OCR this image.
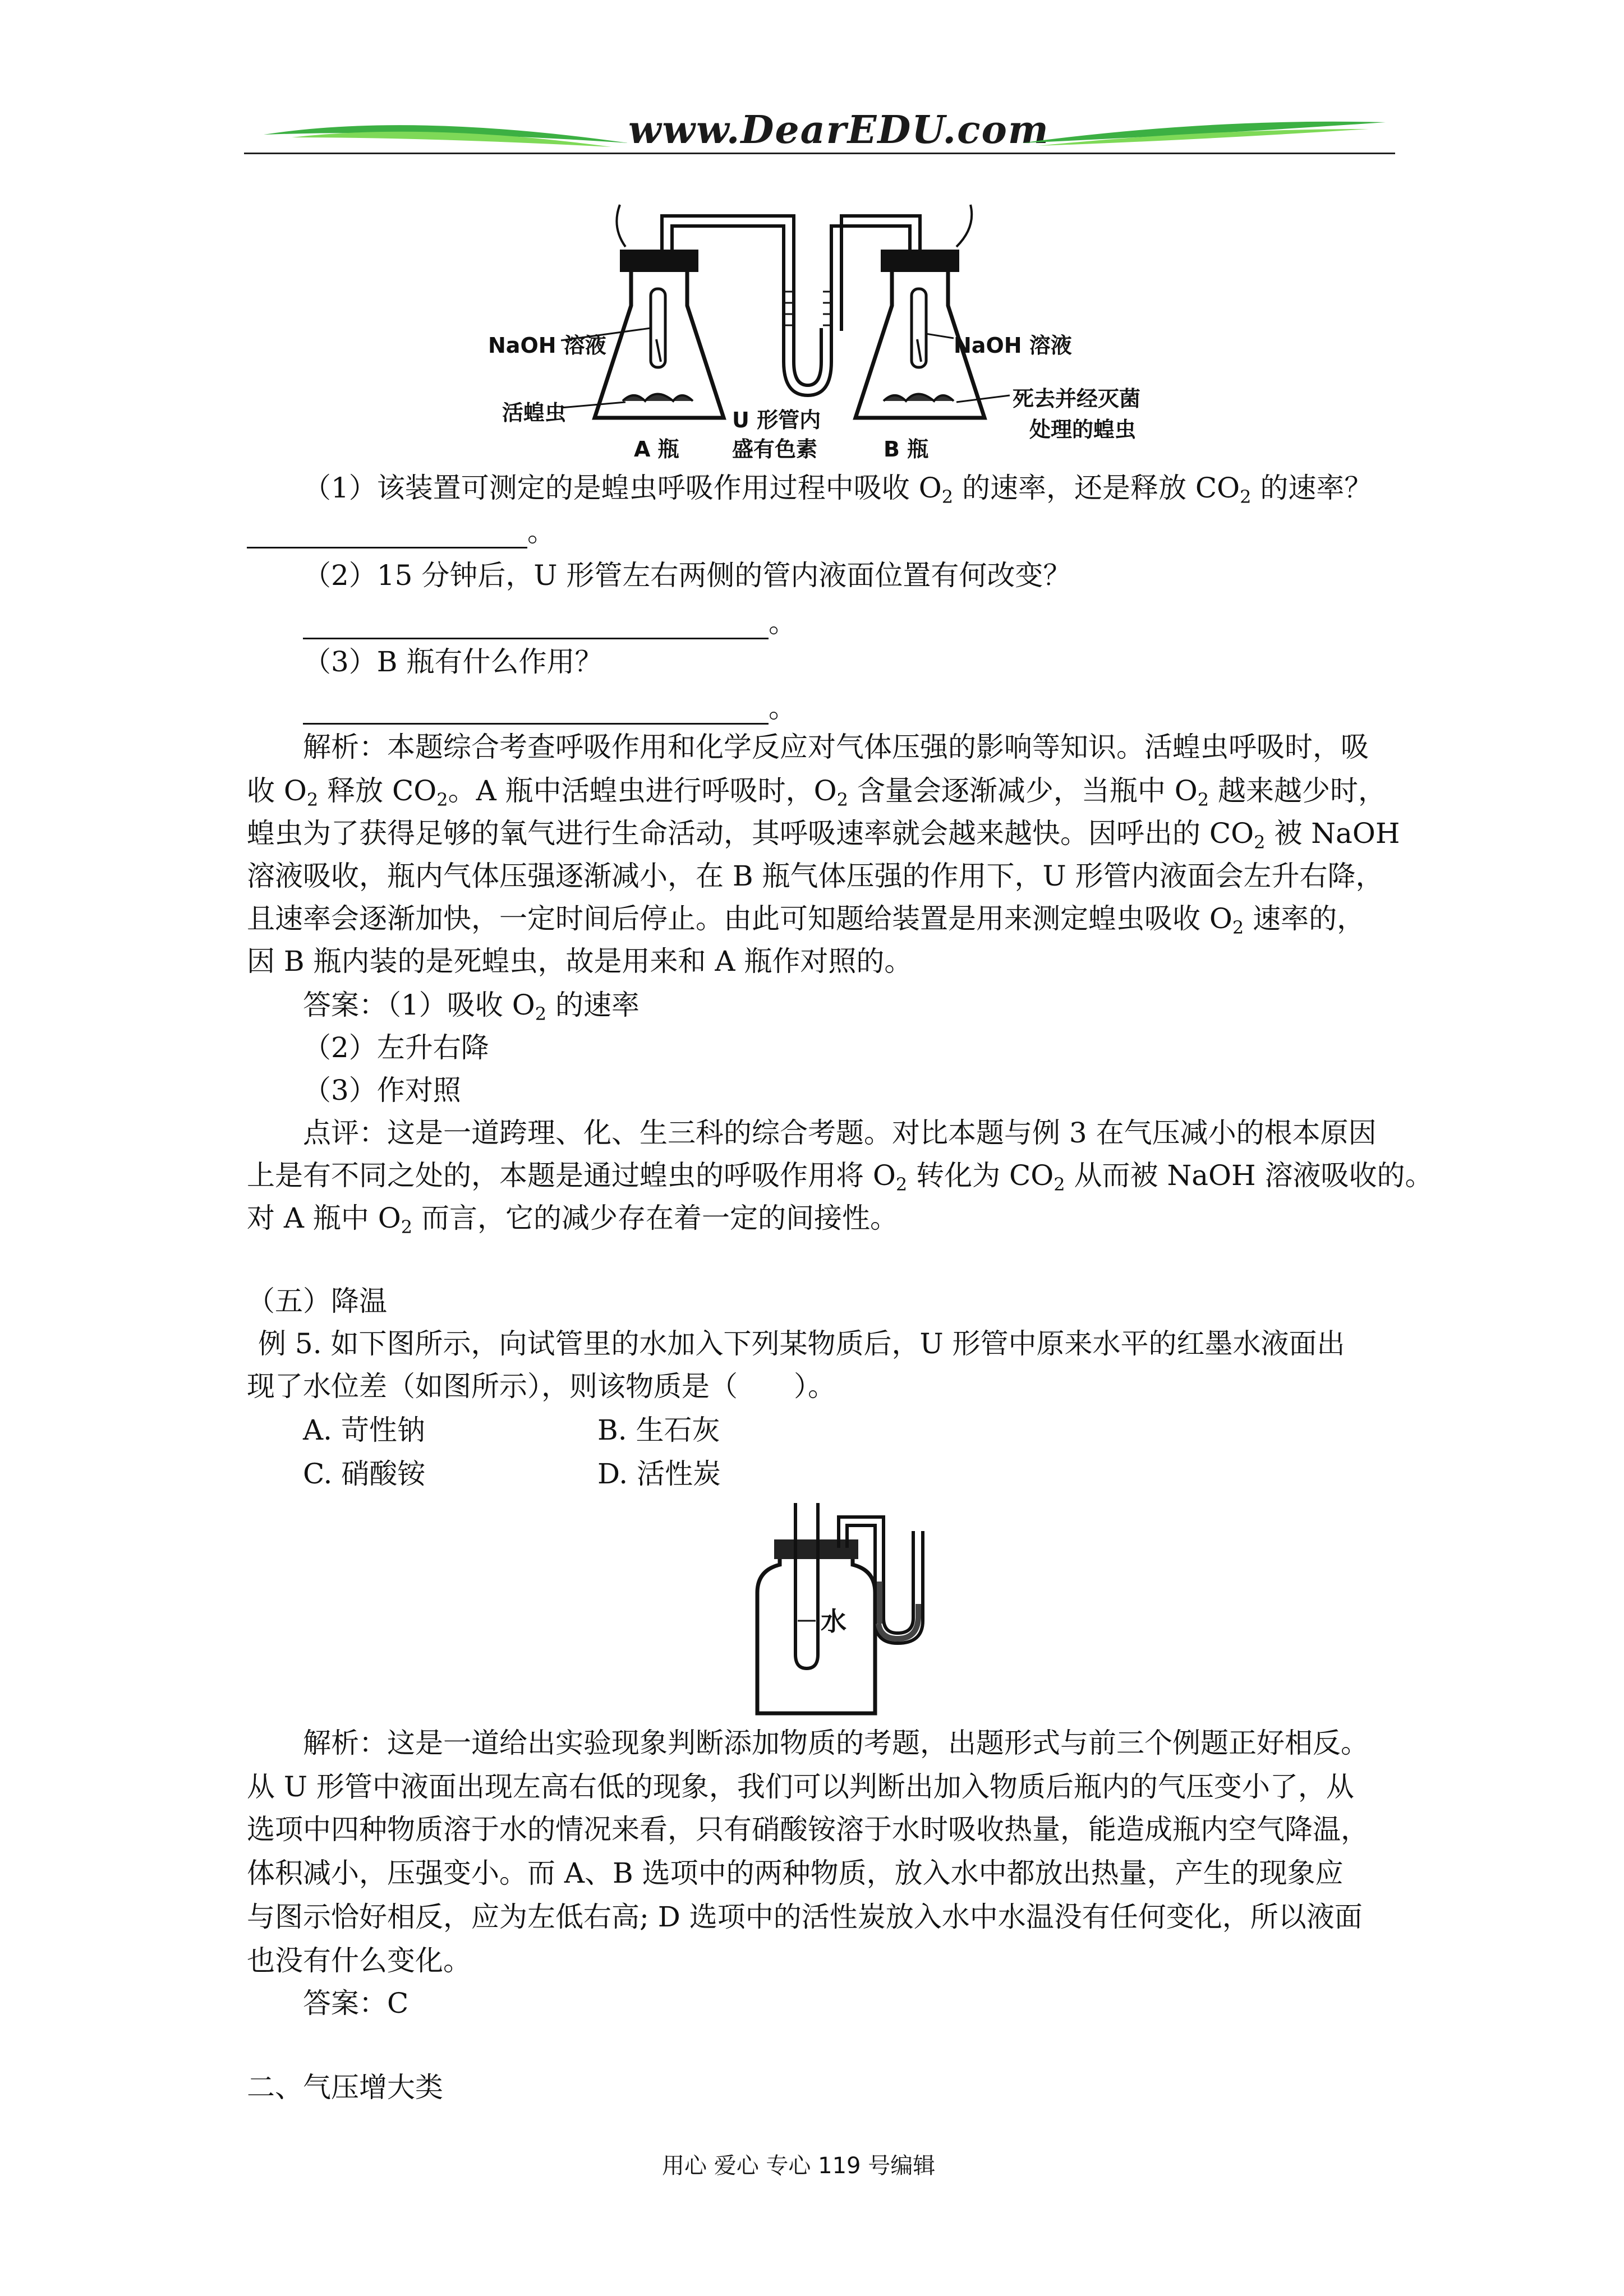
www.DearEDU.com
NaOH 溶液
活蝗虫	U 形管内
盛有色素
A 瓶	B 瓶
NaOH 溶液
死去并经灭菌
处理的蝗虫
（1）该装置可测定的是蝗虫呼吸作用过程中吸收 $O_2$ 的速率，还是释放 $CO_2$ 的速率？
。
（2）15 分钟后，U 形管左右两侧的管内液面位置有何改变？
。
（3）B 瓶有什么作用？
。
解析：本题综合考查呼吸作用和化学反应对气体压强的影响等知识。活蝗虫呼吸时，吸
收 $O_2$ 释放 $CO_2$。A 瓶中活蝗虫进行呼吸时，$O_2$ 含量会逐渐减少，当瓶中 $O_2$ 越来越少时，
蝗虫为了获得足够的氧气进行生命活动，其呼吸速率就会越来越快。因呼出的 $CO_2$ 被 NaOH
溶液吸收，瓶内气体压强逐渐减小，在 B 瓶气体压强的作用下，U 形管内液面会左升右降，
且速率会逐渐加快，一定时间后停止。由此可知题给装置是用来测定蝗虫吸收 $O_2$ 速率的，
因 B 瓶内装的是死蝗虫，故是用来和 A 瓶作对照的。
答案：（1）吸收 $O_2$ 的速率
（2）左升右降
（3）作对照
点评：这是一道跨理、化、生三科的综合考题。对比本题与例 3 在气压减小的根本原因
上是有不同之处的，本题是通过蝗虫的呼吸作用将 $O_2$ 转化为 $CO_2$ 从而被 NaOH 溶液吸收的。
对 A 瓶中 $O_2$ 而言，它的减少存在着一定的间接性。
（五）降温
例 5. 如下图所示，向试管里的水加入下列某物质后，U 形管中原来水平的红墨水液面出
现了水位差（如图所示），则该物质是（　　）。
A. 苛性钠	B. 生石灰
C. 硝酸铵	D. 活性炭
水
解析：这是一道给出实验现象判断添加物质的考题，出题形式与前三个例题正好相反。
从 U 形管中液面出现左高右低的现象，我们可以判断出加入物质后瓶内的气压变小了，从
选项中四种物质溶于水的情况来看，只有硝酸铵溶于水时吸收热量，能造成瓶内空气降温，
体积减小，压强变小。而 A、B 选项中的两种物质，放入水中都放出热量，产生的现象应
与图示恰好相反，应为左低右高; D 选项中的活性炭放入水中水温没有任何变化，所以液面
也没有什么变化。
答案：C
二、气压增大类
用心 爱心 专心 119 号编辑
